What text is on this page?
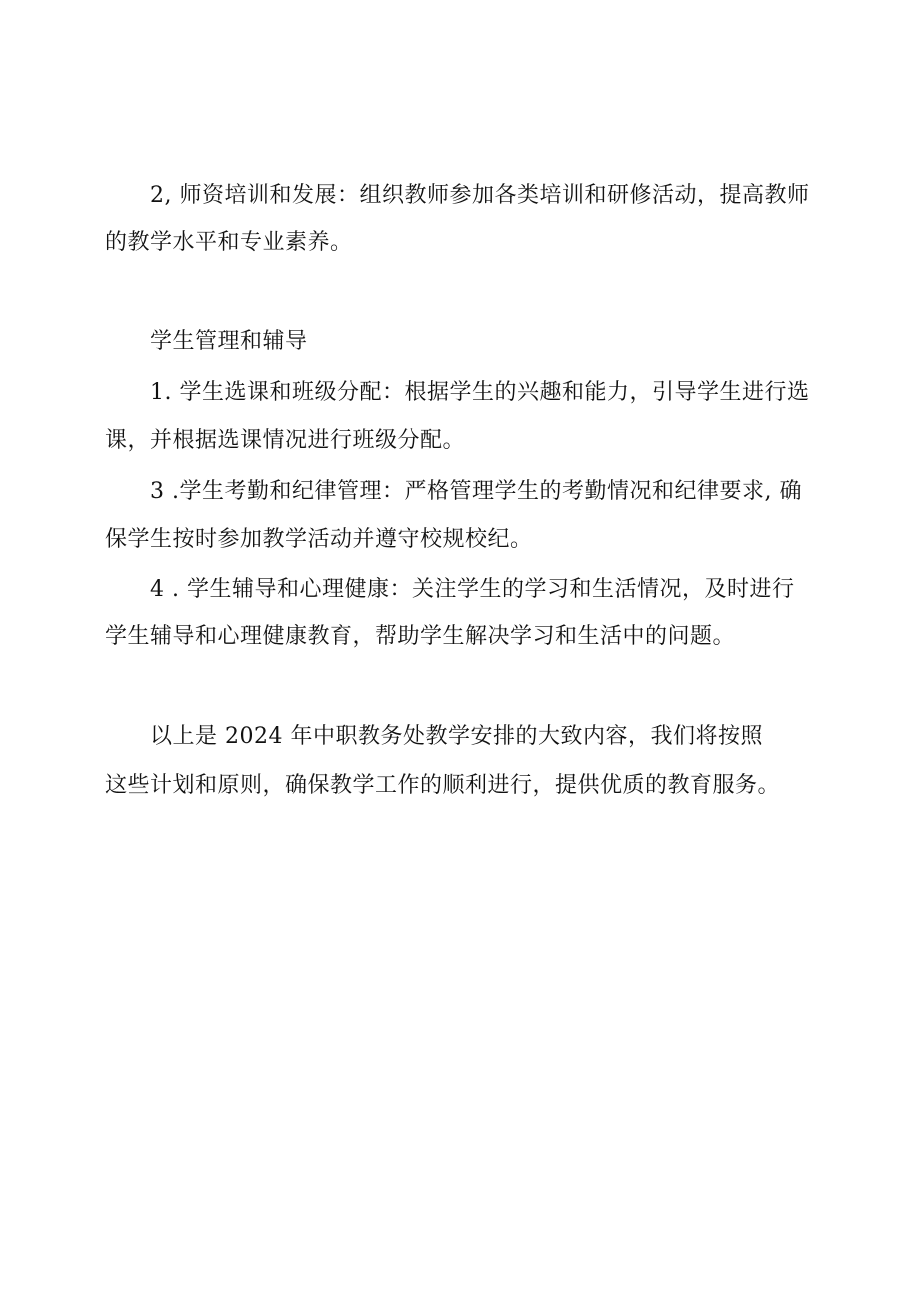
2, 师资培训和发展：组织教师参加各类培训和研修活动，提高教师
的教学水平和专业素养。
学生管理和辅导
1. 学生选课和班级分配：根据学生的兴趣和能力，引导学生进行选
课，并根据选课情况进行班级分配。
3 .学生考勤和纪律管理：严格管理学生的考勤情况和纪律要求, 确
保学生按时参加教学活动并遵守校规校纪。
4 . 学生辅导和心理健康：关注学生的学习和生活情况，及时进行
学生辅导和心理健康教育，帮助学生解决学习和生活中的问题。
以上是 2024 年中职教务处教学安排的大致内容，我们将按照
这些计划和原则，确保教学工作的顺利进行，提供优质的教育服务。
